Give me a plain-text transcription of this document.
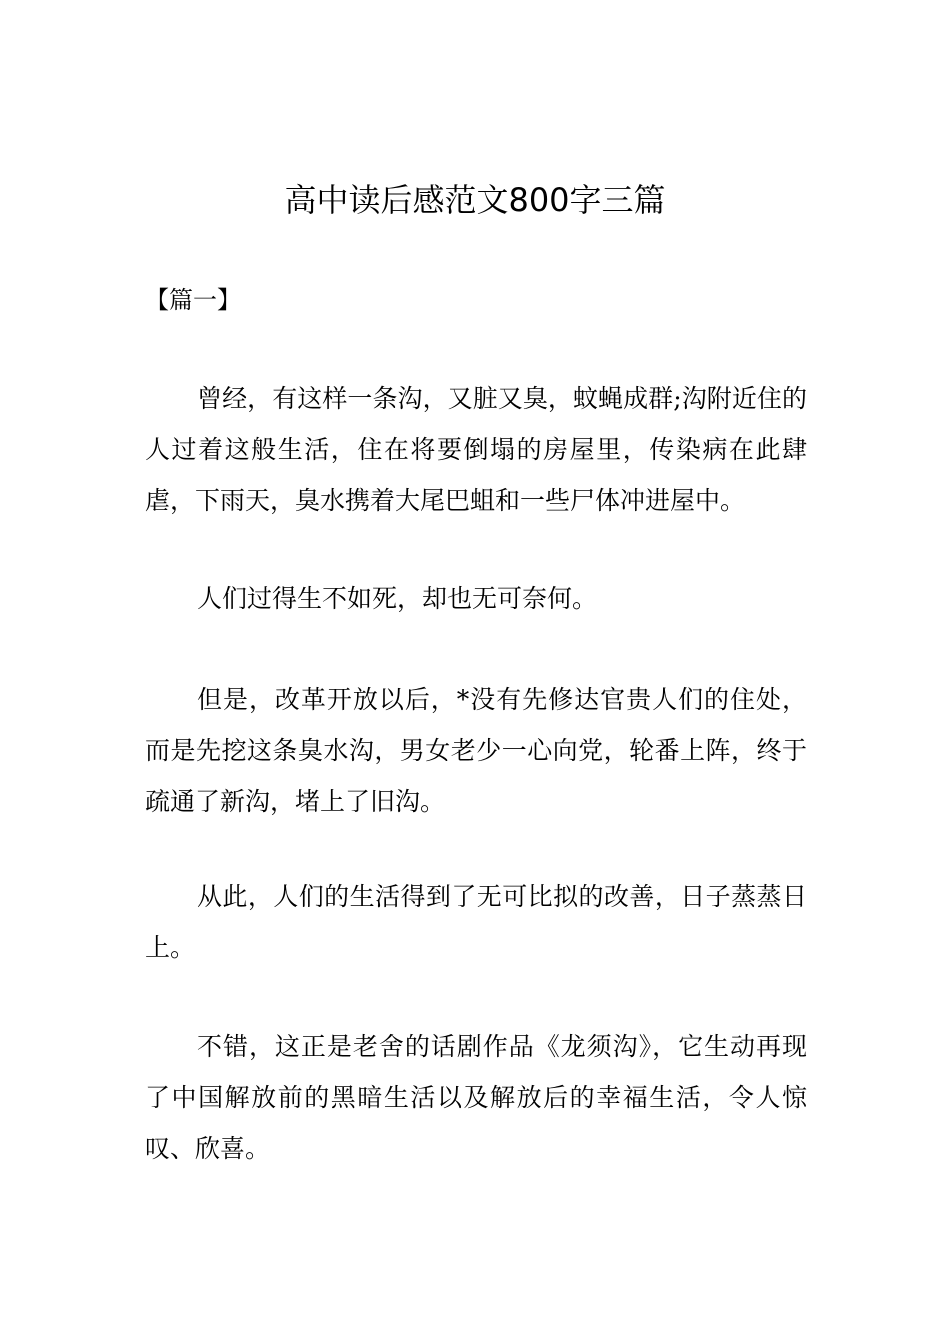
高中读后感范文800字三篇
【篇一】

曾经，有这样一条沟，又脏又臭，蚊蝇成群;沟附近住的人过着这般生活，住在将要倒塌的房屋里，传染病在此肆虐，下雨天，臭水携着大尾巴蛆和一些尸体冲进屋中。

人们过得生不如死，却也无可奈何。

但是，改革开放以后，*没有先修达官贵人们的住处，而是先挖这条臭水沟，男女老少一心向党，轮番上阵，终于疏通了新沟，堵上了旧沟。

从此，人们的生活得到了无可比拟的改善，日子蒸蒸日上。

不错，这正是老舍的话剧作品《龙须沟》，它生动再现了中国解放前的黑暗生活以及解放后的幸福生活，令人惊叹、欣喜。
